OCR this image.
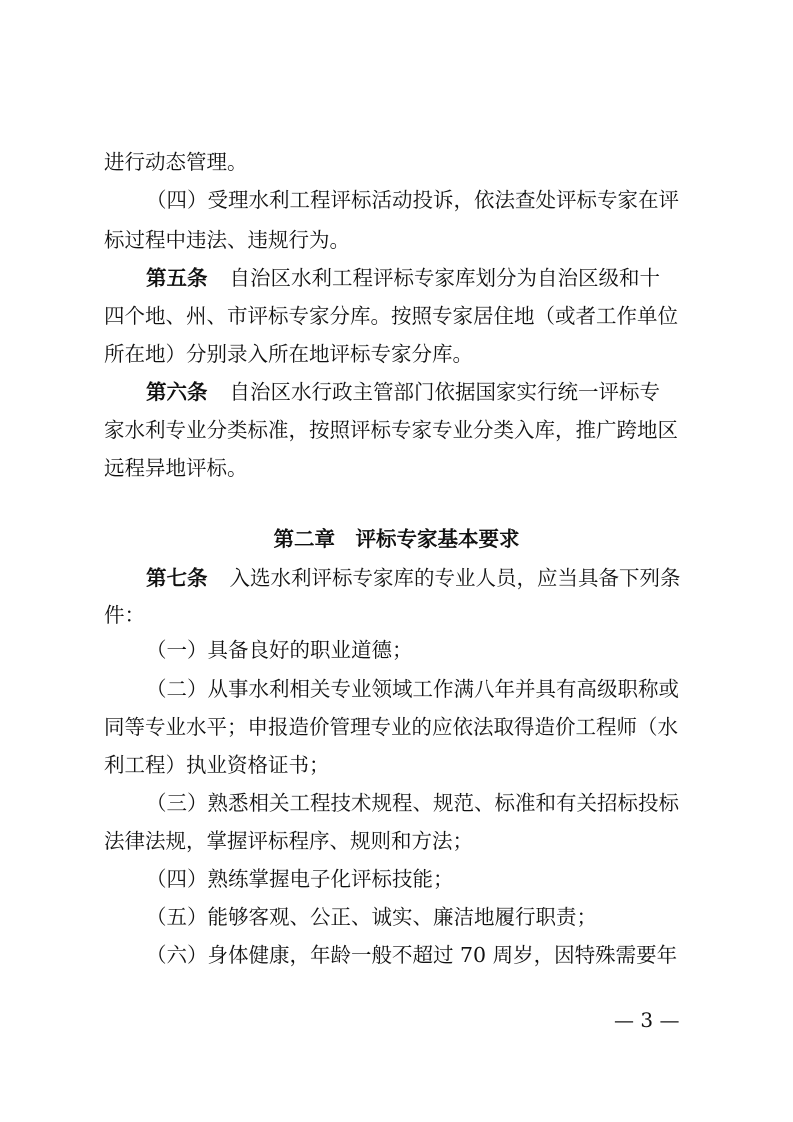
进行动态管理。
（四）受理水利工程评标活动投诉，依法查处评标专家在评
标过程中违法、违规行为。
第五条 自治区水利工程评标专家库划分为自治区级和十
四个地、州、市评标专家分库。按照专家居住地（或者工作单位
所在地）分别录入所在地评标专家分库。
第六条 自治区水行政主管部门依据国家实行统一评标专
家水利专业分类标准，按照评标专家专业分类入库，推广跨地区
远程异地评标。
第二章　评标专家基本要求
第七条 入选水利评标专家库的专业人员，应当具备下列条
件：
（一）具备良好的职业道德；
（二）从事水利相关专业领域工作满八年并具有高级职称或
同等专业水平；申报造价管理专业的应依法取得造价工程师（水
利工程）执业资格证书；
（三）熟悉相关工程技术规程、规范、标准和有关招标投标
法律法规，掌握评标程序、规则和方法；
（四）熟练掌握电子化评标技能；
（五）能够客观、公正、诚实、廉洁地履行职责；
（六）身体健康，年龄一般不超过 70 周岁，因特殊需要年
— 3 —
